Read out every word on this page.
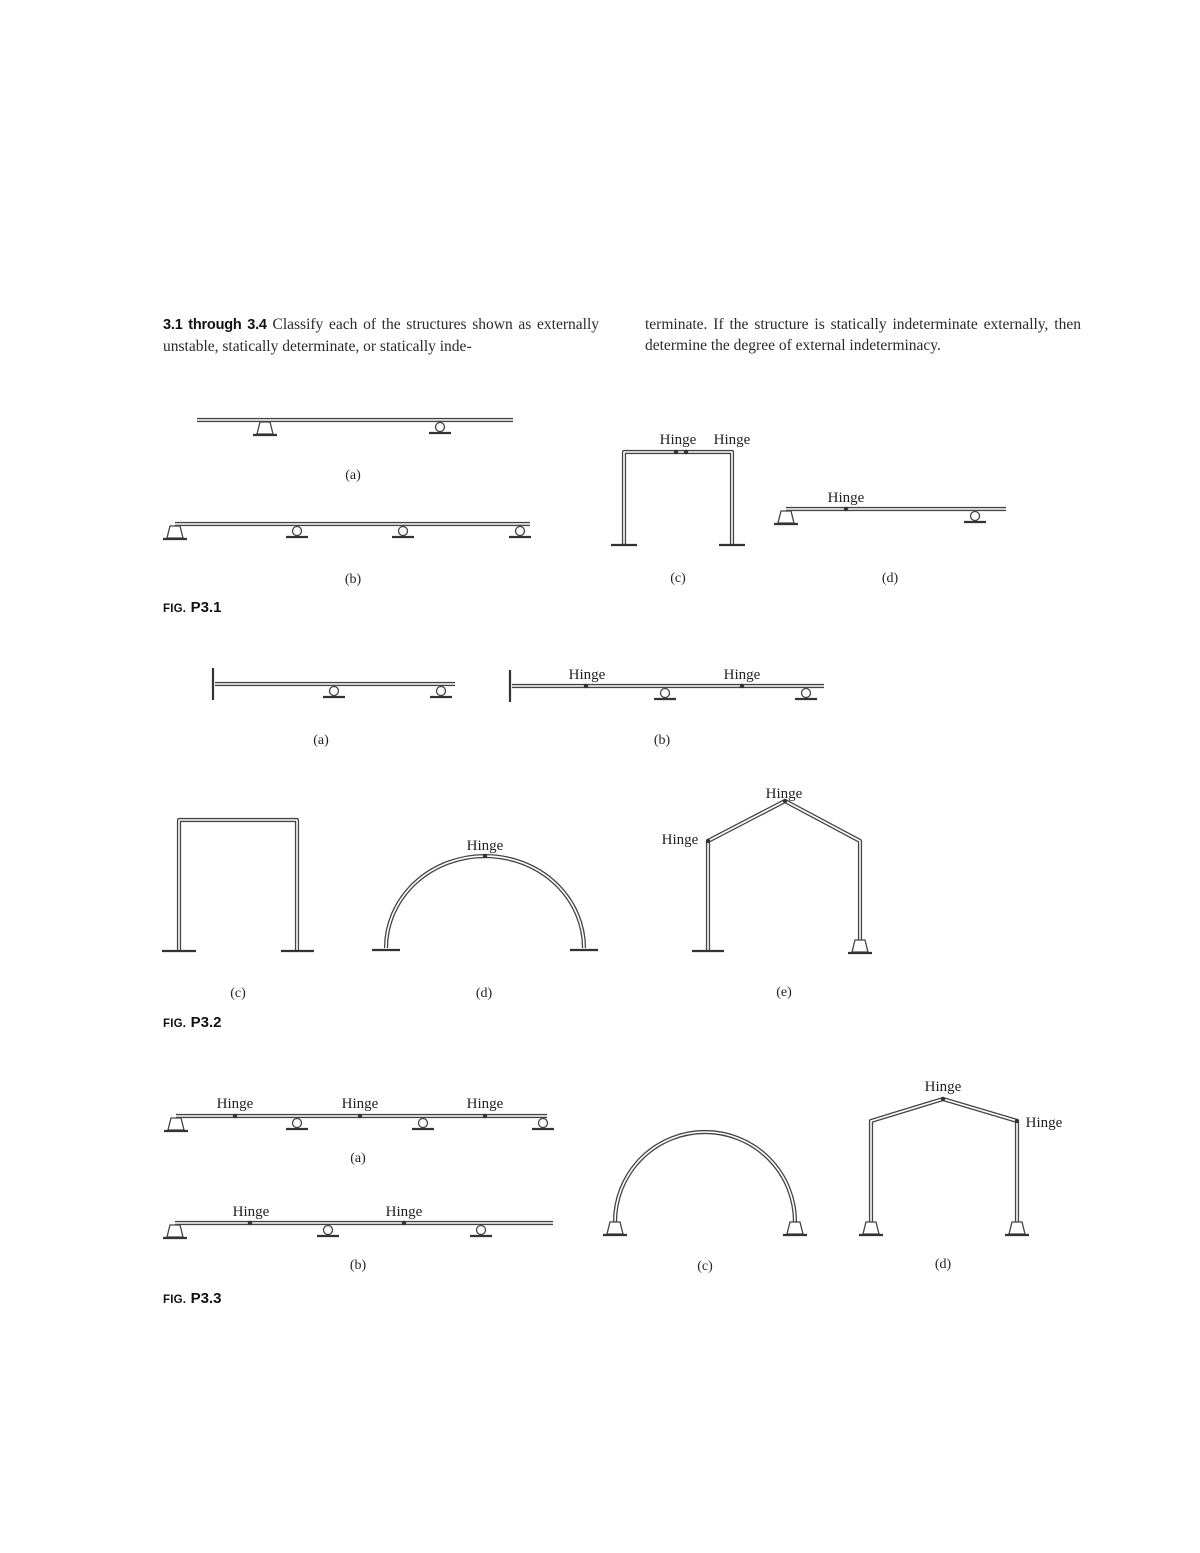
3.1 through 3.4 Classify each of the structures shown as externally unstable, statically determinate, or statically inde-
terminate. If the structure is statically indeterminate externally, then determine the degree of external indeterminacy.
FIG. P3.1
FIG. P3.2
FIG. P3.3
(a)
(b)
Hinge Hinge
(c)
Hinge
(d)
(a)
Hinge	Hinge
(b)
(c)
Hinge
(d)
Hinge
Hinge
(e)
Hinge	Hinge	Hinge
(a)
Hinge	Hinge
(b)	(c)
Hinge
Hinge
(d)
